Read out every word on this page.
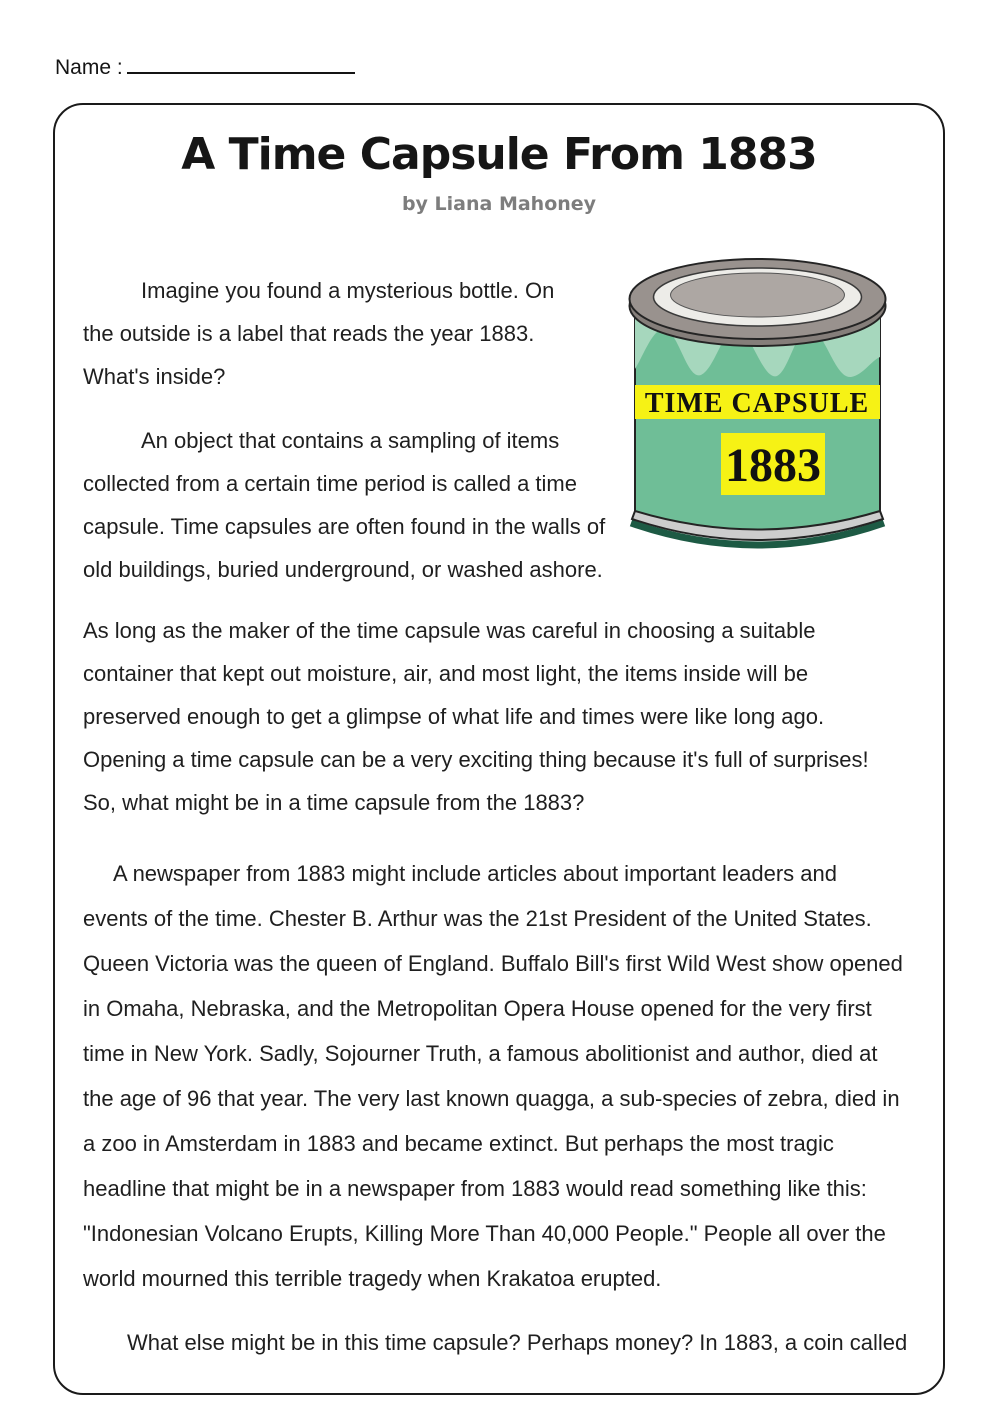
Name :
A Time Capsule From 1883
by Liana Mahoney
TIME CAPSULE
1883
Imagine you found a mysterious bottle. On
the outside is a label that reads the year 1883.
What's inside?
An object that contains a sampling of items
collected from a certain time period is called a time
capsule. Time capsules are often found in the walls of
old buildings, buried underground, or washed ashore.
As long as the maker of the time capsule was careful in choosing a suitable
container that kept out moisture, air, and most light, the items inside will be
preserved enough to get a glimpse of what life and times were like long ago.
Opening a time capsule can be a very exciting thing because it's full of surprises!
So, what might be in a time capsule from the 1883?
A newspaper from 1883 might include articles about important leaders and
events of the time. Chester B. Arthur was the 21st President of the United States.
Queen Victoria was the queen of England. Buffalo Bill's first Wild West show opened
in Omaha, Nebraska, and the Metropolitan Opera House opened for the very first
time in New York. Sadly, Sojourner Truth, a famous abolitionist and author, died at
the age of 96 that year. The very last known quagga, a sub-species of zebra, died in
a zoo in Amsterdam in 1883 and became extinct. But perhaps the most tragic
headline that might be in a newspaper from 1883 would read something like this:
"Indonesian Volcano Erupts, Killing More Than 40,000 People." People all over the
world mourned this terrible tragedy when Krakatoa erupted.
What else might be in this time capsule? Perhaps money? In 1883, a coin called
